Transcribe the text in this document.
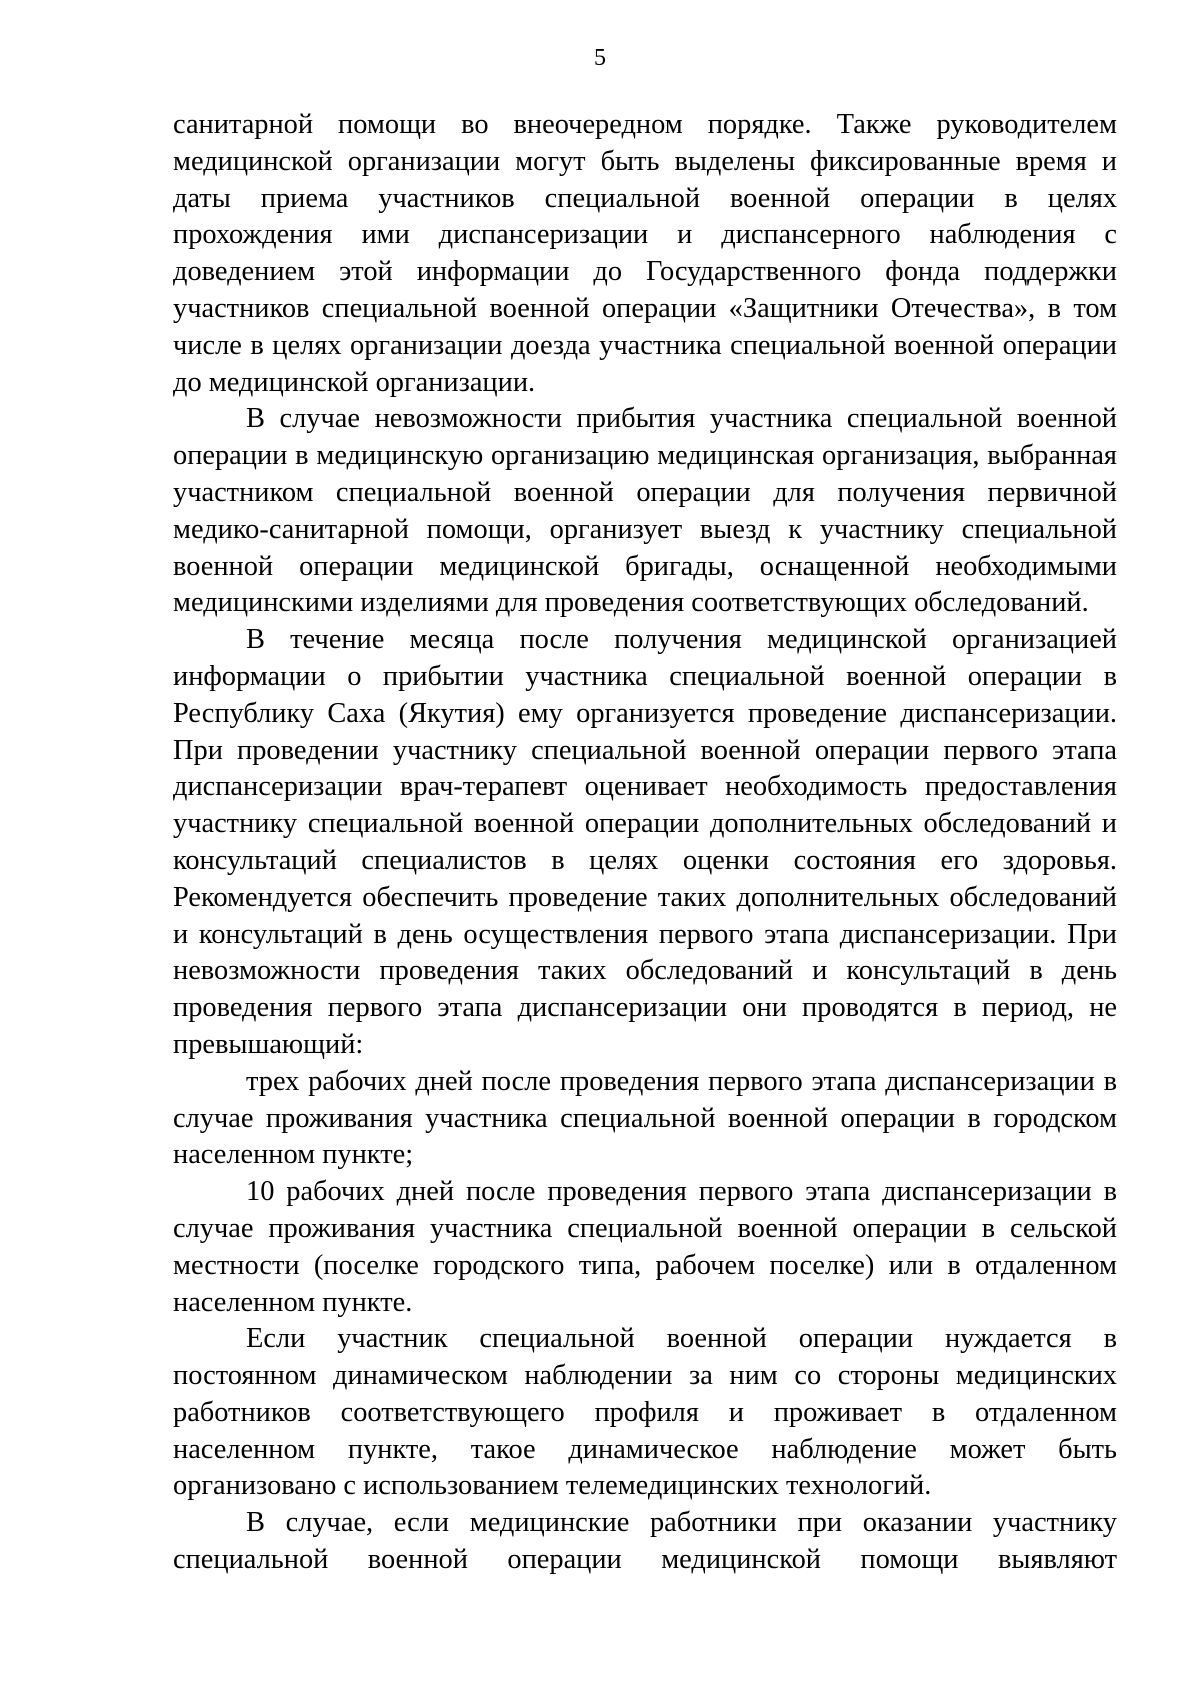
5

санитарной помощи во внеочередном порядке. Также руководителем медицинской организации могут быть выделены фиксированные время и даты приема участников специальной военной операции в целях прохождения ими диспансеризации и диспансерного наблюдения с доведением этой информации до Государственного фонда поддержки участников специальной военной операции «Защитники Отечества», в том числе в целях организации доезда участника специальной военной операции до медицинской организации.

В случае невозможности прибытия участника специальной военной операции в медицинскую организацию медицинская организация, выбранная участником специальной военной операции для получения первичной медико-санитарной помощи, организует выезд к участнику специальной военной операции медицинской бригады, оснащенной необходимыми медицинскими изделиями для проведения соответствующих обследований.

В течение месяца после получения медицинской организацией информации о прибытии участника специальной военной операции в Республику Саха (Якутия) ему организуется проведение диспансеризации. При проведении участнику специальной военной операции первого этапа диспансеризации врач-терапевт оценивает необходимость предоставления участнику специальной военной операции дополнительных обследований и консультаций специалистов в целях оценки состояния его здоровья. Рекомендуется обеспечить проведение таких дополнительных обследований и консультаций в день осуществления первого этапа диспансеризации. При невозможности проведения таких обследований и консультаций в день проведения первого этапа диспансеризации они проводятся в период, не превышающий:

трех рабочих дней после проведения первого этапа диспансеризации в случае проживания участника специальной военной операции в городском населенном пункте;

10 рабочих дней после проведения первого этапа диспансеризации в случае проживания участника специальной военной операции в сельской местности (поселке городского типа, рабочем поселке) или в отдаленном населенном пункте.

Если участник специальной военной операции нуждается в постоянном динамическом наблюдении за ним со стороны медицинских работников соответствующего профиля и проживает в отдаленном населенном пункте, такое динамическое наблюдение может быть организовано с использованием телемедицинских технологий.

В случае, если медицинские работники при оказании участнику специальной военной операции медицинской помощи выявляют
